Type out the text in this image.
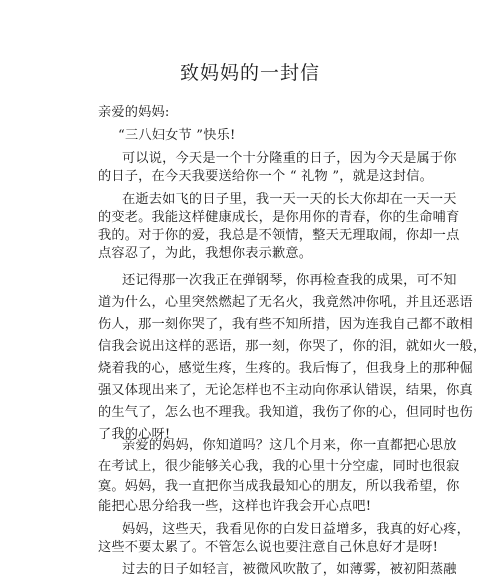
致妈妈的一封信
亲爱的妈妈:
“三八妇女节 ”快乐!
可以说，今天是一个十分隆重的日子，因为今天是属于你
的日子，在今天我要送给你一个 “ 礼物 ”，就是这封信。
在逝去如飞的日子里，我一天一天的长大你却在一天一天
的变老。我能这样健康成长，是你用你的青春，你的生命哺育
我的。对于你的爱，我总是不领情，整天无理取闹，你却一点
点容忍了，为此，我想你表示歉意。
还记得那一次我正在弹钢琴，你再检查我的成果，可不知
道为什么，心里突然燃起了无名火，我竟然冲你吼，并且还恶语
伤人，那一刻你哭了，我有些不知所措，因为连我自己都不敢相
信我会说出这样的恶语，那一刻，你哭了，你的泪，就如火一般，
烧着我的心，感觉生疼，生疼的。我后悔了，但我身上的那种倔
强又体现出来了，无论怎样也不主动向你承认错误，结果，你真
的生气了，怎么也不理我。我知道，我伤了你的心，但同时也伤
了我的心呀!
亲爱的妈妈，你知道吗？这几个月来，你一直都把心思放
在考试上，很少能够关心我，我的心里十分空虚，同时也很寂
寞。妈妈，我一直把你当成我最知心的朋友，所以我希望，你
能把心思分给我一些，这样也许我会开心点吧!
妈妈，这些天，我看见你的白发日益增多，我真的好心疼，
这些不要太累了。不管怎么说也要注意自己休息好才是呀!
过去的日子如轻言，被微风吹散了，如薄雾，被初阳蒸融
